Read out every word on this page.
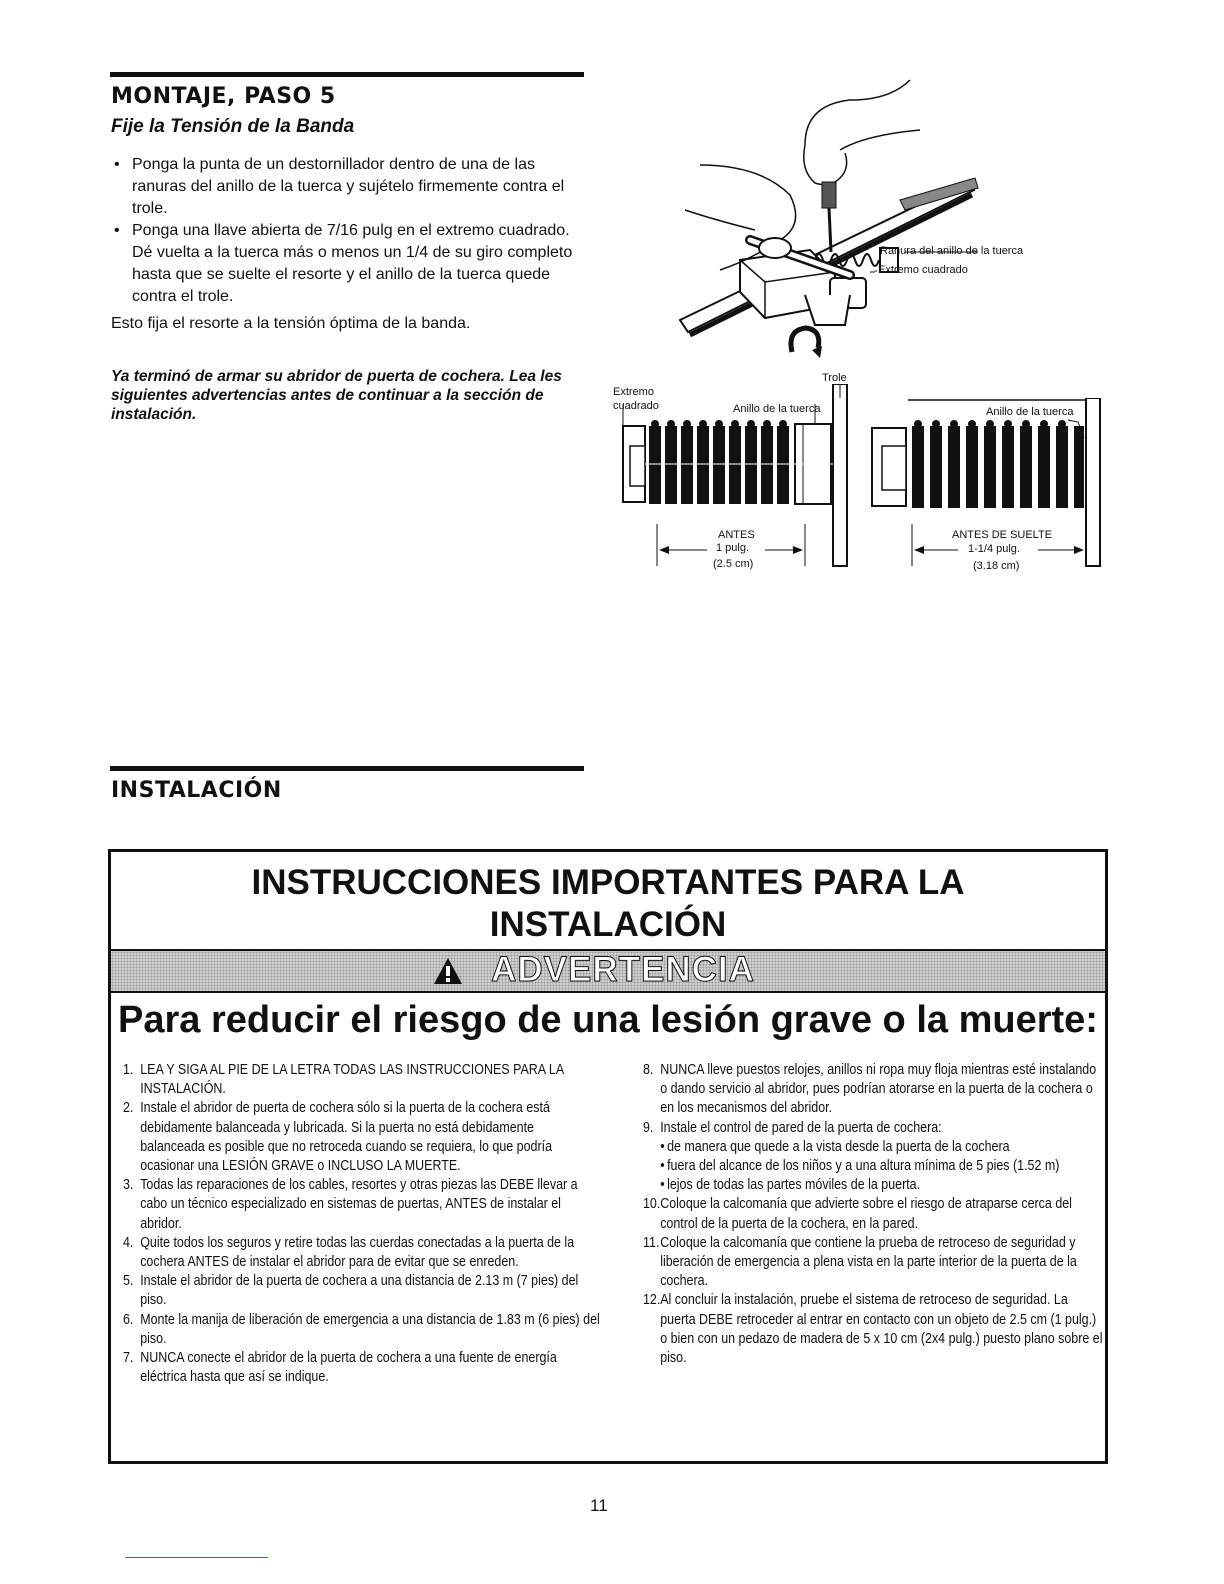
MONTAJE, PASO 5
Fije la Tensión de la Banda
• Ponga la punta de un destornillador dentro de una de las ranuras del anillo de la tuerca y sujételo firmemente contra el trole.
• Ponga una llave abierta de 7/16 pulg en el extremo cuadrado. Dé vuelta a la tuerca más o menos un 1/4 de su giro completo hasta que se suelte el resorte y el anillo de la tuerca quede contra el trole.
Esto fija el resorte a la tensión óptima de la banda.
Ya terminó de armar su abridor de puerta de cochera. Lea les siguientes advertencias antes de continuar a la sección de instalación.
Ranura del anillo de la tuerca
Extremo cuadrado
Trole
Extremo
cuadrado	Anillo de la tuerca	Anillo de la tuerca
ANTES
1 pulg.
(2.5 cm)
ANTES DE SUELTE
1-1/4 pulg.
(3.18 cm)
INSTALACIÓN
INSTRUCCIONES IMPORTANTES PARA LA
INSTALACIÓN
ADVERTENCIA
Para reducir el riesgo de una lesión grave o la muerte:
1. LEA Y SIGA AL PIE DE LA LETRA TODAS LAS INSTRUCCIONES PARA LA INSTALACIÓN.
2. Instale el abridor de puerta de cochera sólo si la puerta de la cochera está debidamente balanceada y lubricada. Si la puerta no está debidamente balanceada es posible que no retroceda cuando se requiera, lo que podría ocasionar una LESIÓN GRAVE o INCLUSO LA MUERTE.
3. Todas las reparaciones de los cables, resortes y otras piezas las DEBE llevar a cabo un técnico especializado en sistemas de puertas, ANTES de instalar el abridor.
4. Quite todos los seguros y retire todas las cuerdas conectadas a la puerta de la cochera ANTES de instalar el abridor para de evitar que se enreden.
5. Instale el abridor de la puerta de cochera a una distancia de 2.13 m (7 pies) del piso.
6. Monte la manija de liberación de emergencia a una distancia de 1.83 m (6 pies) del piso.
7. NUNCA conecte el abridor de la puerta de cochera a una fuente de energía eléctrica hasta que así se indique.
8. NUNCA lleve puestos relojes, anillos ni ropa muy floja mientras esté instalando o dando servicio al abridor, pues podrían atorarse en la puerta de la cochera o en los mecanismos del abridor.
9. Instale el control de pared de la puerta de cochera:
• de manera que quede a la vista desde la puerta de la cochera
• fuera del alcance de los niños y a una altura mínima de 5 pies (1.52 m)
• lejos de todas las partes móviles de la puerta.
10. Coloque la calcomanía que advierte sobre el riesgo de atraparse cerca del control de la puerta de la cochera, en la pared.
11. Coloque la calcomanía que contiene la prueba de retroceso de seguridad y liberación de emergencia a plena vista en la parte interior de la puerta de la cochera.
12. Al concluir la instalación, pruebe el sistema de retroceso de seguridad. La puerta DEBE retroceder al entrar en contacto con un objeto de 2.5 cm (1 pulg.) o bien con un pedazo de madera de 5 x 10 cm (2x4 pulg.) puesto plano sobre el piso.
11
